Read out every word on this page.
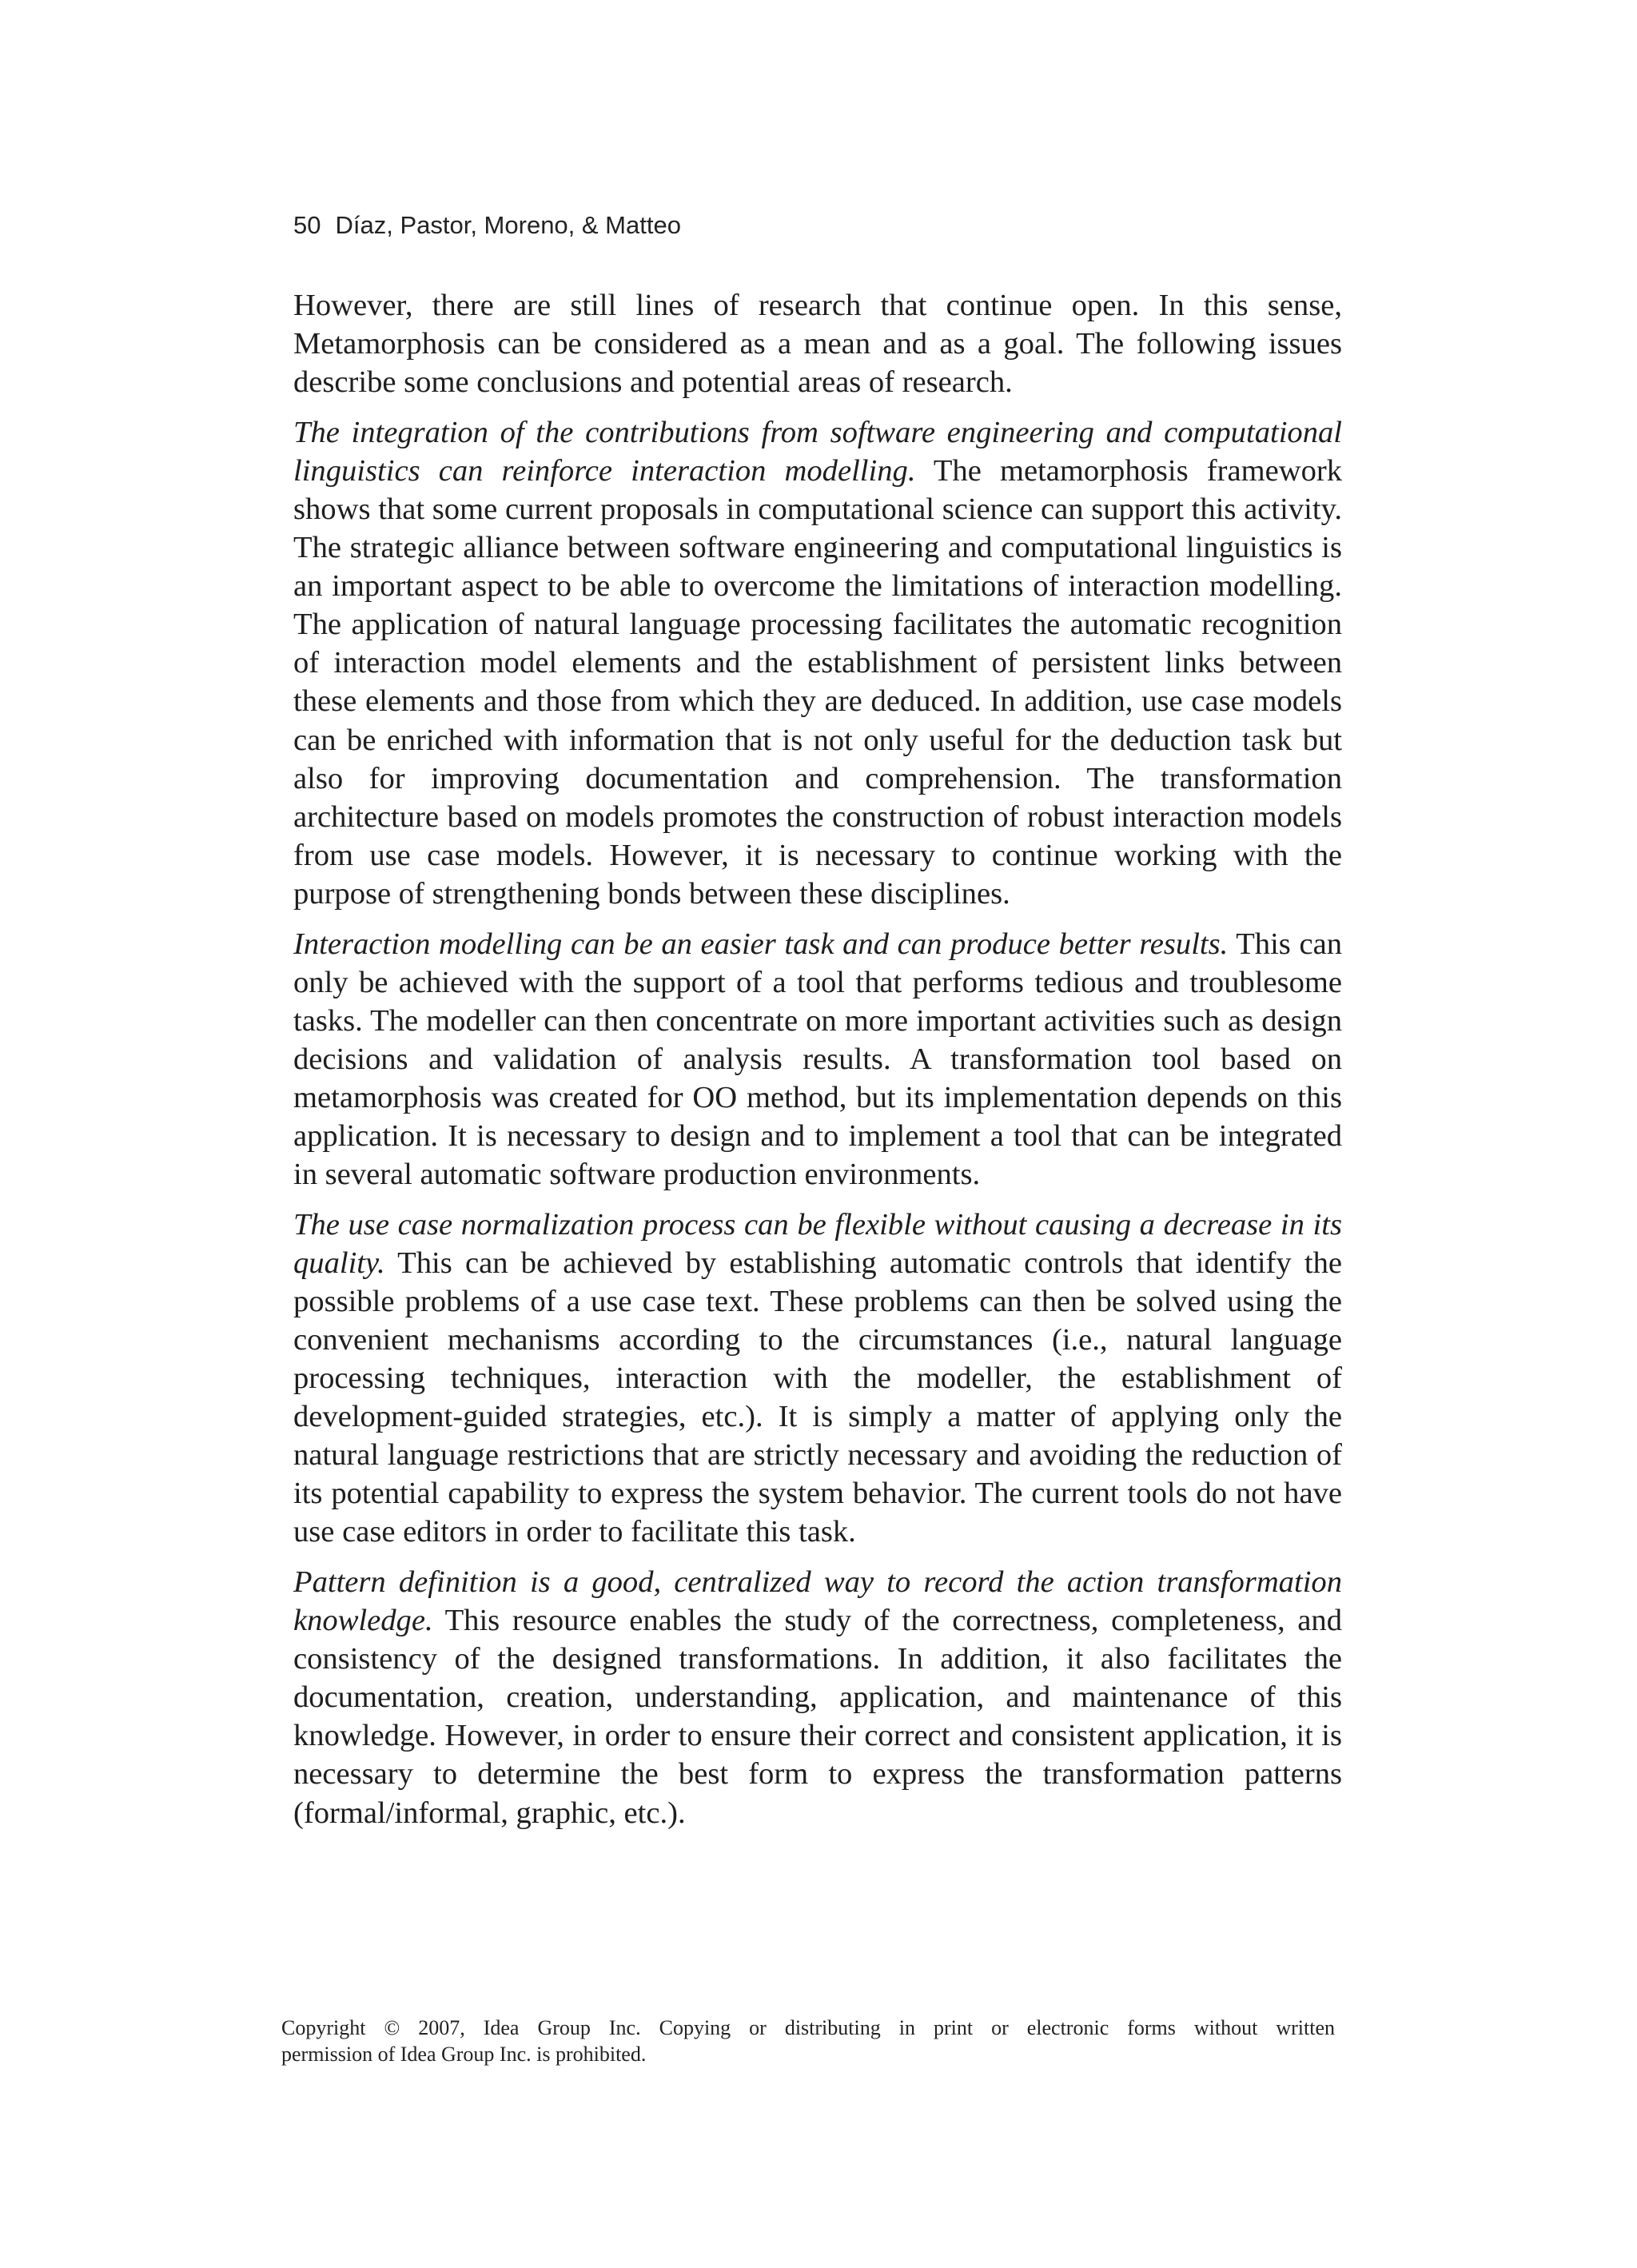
50 Díaz, Pastor, Moreno, & Matteo

However, there are still lines of research that continue open. In this sense, Metamorphosis can be considered as a mean and as a goal. The following issues describe some conclusions and potential areas of research.

The integration of the contributions from software engineering and computational linguistics can reinforce interaction modelling. The metamorphosis framework shows that some current proposals in computational science can support this activity. The strategic alliance between software engineering and computational linguistics is an important aspect to be able to overcome the limitations of interaction modelling. The application of natural language processing facilitates the automatic recognition of interaction model elements and the establishment of persistent links between these elements and those from which they are deduced. In addition, use case models can be enriched with information that is not only useful for the deduction task but also for improving documentation and comprehension. The transformation architecture based on models promotes the construction of robust interaction models from use case models. However, it is necessary to continue working with the purpose of strengthening bonds between these disciplines.

Interaction modelling can be an easier task and can produce better results. This can only be achieved with the support of a tool that performs tedious and troublesome tasks. The modeller can then concentrate on more important activities such as design decisions and validation of analysis results. A transformation tool based on metamorphosis was created for OO method, but its implementation depends on this application. It is necessary to design and to implement a tool that can be integrated in several automatic software production environments.

The use case normalization process can be flexible without causing a decrease in its quality. This can be achieved by establishing automatic controls that identify the possible problems of a use case text. These problems can then be solved using the convenient mechanisms according to the circumstances (i.e., natural language processing techniques, interaction with the modeller, the establishment of development-guided strategies, etc.). It is simply a matter of applying only the natural language restrictions that are strictly necessary and avoiding the reduction of its potential capability to express the system behavior. The current tools do not have use case editors in order to facilitate this task.

Pattern definition is a good, centralized way to record the action transformation knowledge. This resource enables the study of the correctness, completeness, and consistency of the designed transformations. In addition, it also facilitates the documentation, creation, understanding, application, and maintenance of this knowledge. However, in order to ensure their correct and consistent application, it is necessary to determine the best form to express the transformation patterns (formal/informal, graphic, etc.).

Copyright © 2007, Idea Group Inc. Copying or distributing in print or electronic forms without written
permission of Idea Group Inc. is prohibited.
